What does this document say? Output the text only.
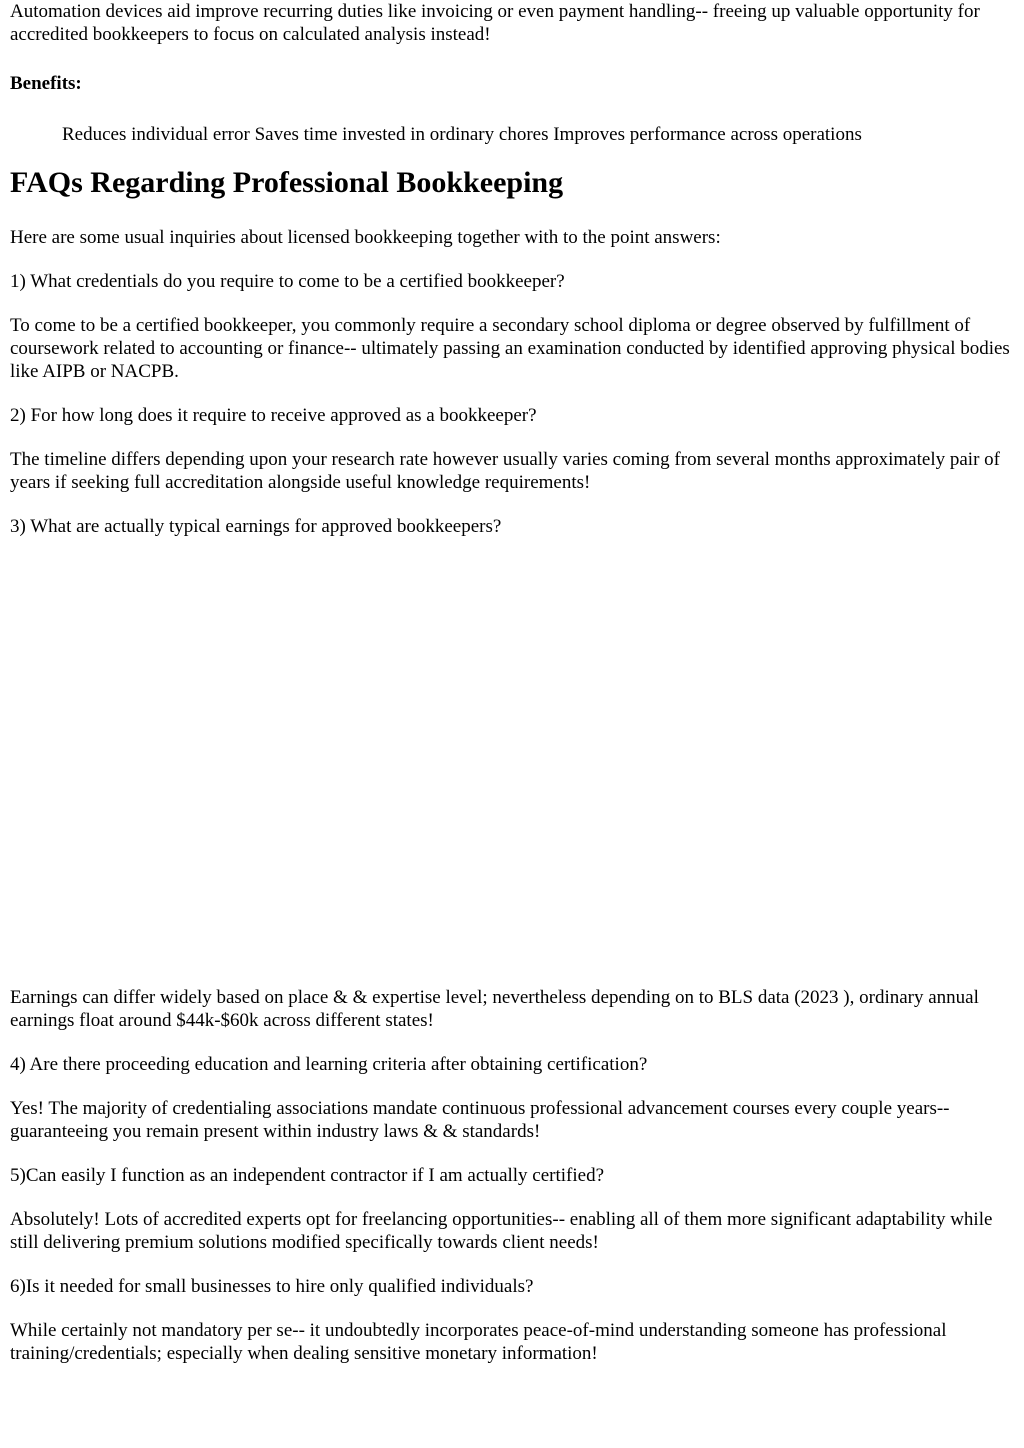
Automation devices aid improve recurring duties like invoicing or even payment handling-- freeing up valuable opportunity for accredited bookkeepers to focus on calculated analysis instead!

Benefits:

Reduces individual error Saves time invested in ordinary chores Improves performance across operations

FAQs Regarding Professional Bookkeeping

Here are some usual inquiries about licensed bookkeeping together with to the point answers:

1) What credentials do you require to come to be a certified bookkeeper?

To come to be a certified bookkeeper, you commonly require a secondary school diploma or degree observed by fulfillment of coursework related to accounting or finance-- ultimately passing an examination conducted by identified approving physical bodies like AIPB or NACPB.

2) For how long does it require to receive approved as a bookkeeper?

The timeline differs depending upon your research rate however usually varies coming from several months approximately pair of years if seeking full accreditation alongside useful knowledge requirements!

3) What are actually typical earnings for approved bookkeepers?

Earnings can differ widely based on place & & expertise level; nevertheless depending on to BLS data (2023 ), ordinary annual earnings float around $44k-$60k across different states!

4) Are there proceeding education and learning criteria after obtaining certification?

Yes! The majority of credentialing associations mandate continuous professional advancement courses every couple years-- guaranteeing you remain present within industry laws & & standards!

5)Can easily I function as an independent contractor if I am actually certified?

Absolutely! Lots of accredited experts opt for freelancing opportunities-- enabling all of them more significant adaptability while still delivering premium solutions modified specifically towards client needs!

6)Is it needed for small businesses to hire only qualified individuals?

While certainly not mandatory per se-- it undoubtedly incorporates peace-of-mind understanding someone has professional training/credentials; especially when dealing sensitive monetary information!
